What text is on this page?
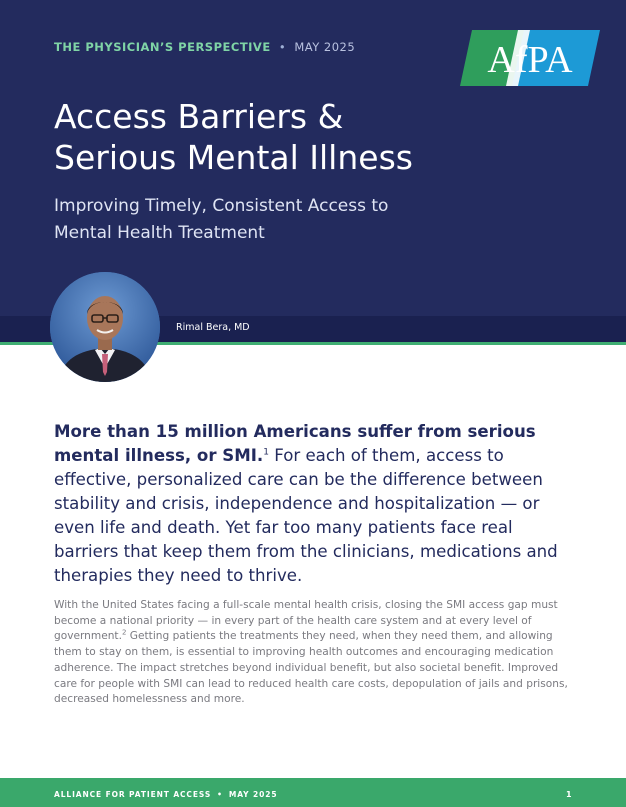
THE PHYSICIAN’S PERSPECTIVE • MAY 2025	AfPA
Access Barriers &
Serious Mental Illness

Improving Timely, Consistent Access to
Mental Health Treatment

Rimal Bera, MD

More than 15 million Americans suffer from serious mental illness, or SMI.$^1$ For each of them, access to effective, personalized care can be the difference between stability and crisis, independence and hospitalization — or even life and death. Yet far too many patients face real barriers that keep them from the clinicians, medications and therapies they need to thrive.

With the United States facing a full-scale mental health crisis, closing the SMI access gap must become a national priority — in every part of the health care system and at every level of government.$^2$ Getting patients the treatments they need, when they need them, and allowing them to stay on them, is essential to improving health outcomes and encouraging medication adherence. The impact stretches beyond individual benefit, but also societal benefit. Improved care for people with SMI can lead to reduced health care costs, depopulation of jails and prisons, decreased homelessness and more.

ALLIANCE FOR PATIENT ACCESS • MAY 2025	1
